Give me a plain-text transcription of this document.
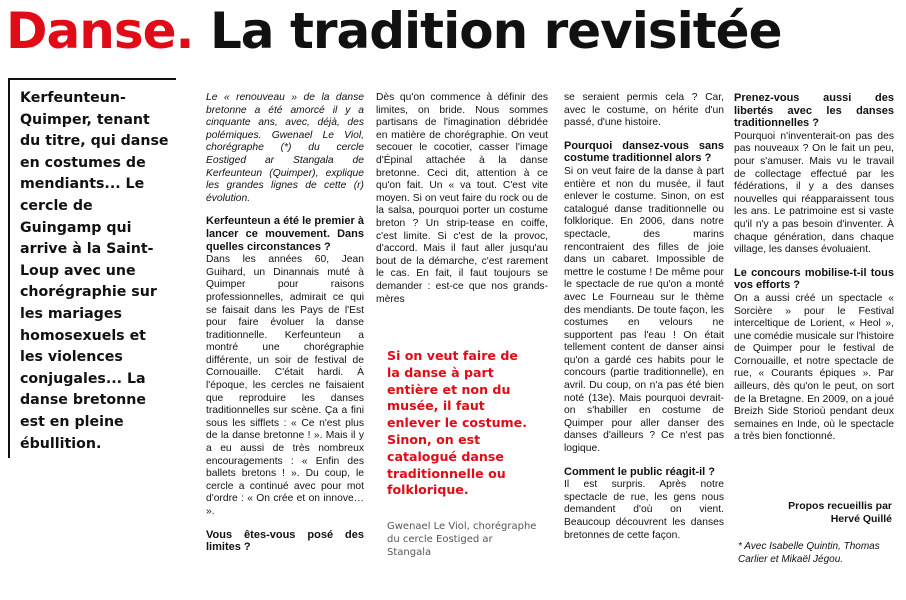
Danse. La tradition revisitée
Kerfeunteun-Quimper, tenant du titre, qui danse en costumes de mendiants... Le cercle de Guingamp qui arrive à la Saint-Loup avec une chorégraphie sur les mariages homosexuels et les violences conjugales... La danse bretonne est en pleine ébullition.

Le « renouveau » de la danse bretonne a été amorcé il y a cinquante ans, avec, déjà, des polémiques. Gwenael Le Viol, chorégraphe (*) du cercle Eostiged ar Stangala de Kerfeunteun (Quimper), explique les grandes lignes de cette (r) évolution.

Kerfeunteun a été le premier à lancer ce mouvement. Dans quelles circonstances ?

Dans les années 60, Jean Guihard, un Dinannais muté à Quimper pour raisons professionnelles, admirait ce qui se faisait dans les Pays de l'Est pour faire évoluer la danse traditionnelle. Kerfeunteun a montré une chorégraphie différente, un soir de festival de Cornouaille. C'était hardi. À l'époque, les cercles ne faisaient que reproduire les danses traditionnelles sur scène. Ça a fini sous les sifflets : « Ce n'est plus de la danse bretonne ! ». Mais il y a eu aussi de très nombreux encouragements : « Enfin des ballets bretons ! ». Du coup, le cercle a continué avec pour mot d'ordre : « On crée et on innove… ».

Vous êtes-vous posé des limites ?

Dès qu'on commence à définir des limites, on bride. Nous sommes partisans de l'imagination débridée en matière de chorégraphie. On veut secouer le cocotier, casser l'image d'Épinal attachée à la danse bretonne. Ceci dit, attention à ce qu'on fait. Un « va tout. C'est vite moyen. Si on veut faire du rock ou de la salsa, pourquoi porter un costume breton ? Un strip-tease en coiffe, c'est limite. Si c'est de la provoc, d'accord. Mais il faut aller jusqu'au bout de la démarche, c'est rarement le cas. En fait, il faut toujours se demander : est-ce que nos grands-mères

Si on veut faire de la danse à part entière et non du musée, il faut enlever le costume. Sinon, on est catalogué danse traditionnelle ou folklorique.
Gwenael Le Viol, chorégraphe du cercle Eostiged ar Stangala

se seraient permis cela ? Car, avec le costume, on hérite d'un passé, d'une histoire.

Pourquoi dansez-vous sans costume traditionnel alors ?

Si on veut faire de la danse à part entière et non du musée, il faut enlever le costume. Sinon, on est catalogué danse traditionnelle ou folklorique. En 2006, dans notre spectacle, des marins rencontraient des filles de joie dans un cabaret. Impossible de mettre le costume ! De même pour le spectacle de rue qu'on a monté avec Le Fourneau sur le thème des mendiants. De toute façon, les costumes en velours ne supportent pas l'eau ! On était tellement content de danser ainsi qu'on a gardé ces habits pour le concours (partie traditionnelle), en avril. Du coup, on n'a pas été bien noté (13e). Mais pourquoi devrait-on s'habiller en costume de Quimper pour aller danser des danses d'ailleurs ? Ce n'est pas logique.

Comment le public réagit-il ?

Il est surpris. Après notre spectacle de rue, les gens nous demandent d'où on vient. Beaucoup découvrent les danses bretonnes de cette façon.

Prenez-vous aussi des libertés avec les danses traditionnelles ?

Pourquoi n'inventerait-on pas des pas nouveaux ? On le fait un peu, pour s'amuser. Mais vu le travail de collectage effectué par les fédérations, il y a des danses nouvelles qui réapparaissent tous les ans. Le patrimoine est si vaste qu'il n'y a pas besoin d'inventer. À chaque génération, dans chaque village, les danses évoluaient.

Le concours mobilise-t-il tous vos efforts ?

On a aussi créé un spectacle « Sorcière » pour le Festival interceltique de Lorient, « Heol », une comédie musicale sur l'histoire de Quimper pour le festival de Cornouaille, et notre spectacle de rue, « Courants épiques ». Par ailleurs, dès qu'on le peut, on sort de la Bretagne. En 2009, on a joué Breizh Side Storioù pendant deux semaines en Inde, où le spectacle a très bien fonctionné.

Propos recueillis par Hervé Quillé
* Avec Isabelle Quintin, Thomas Carlier et Mikaël Jégou.
